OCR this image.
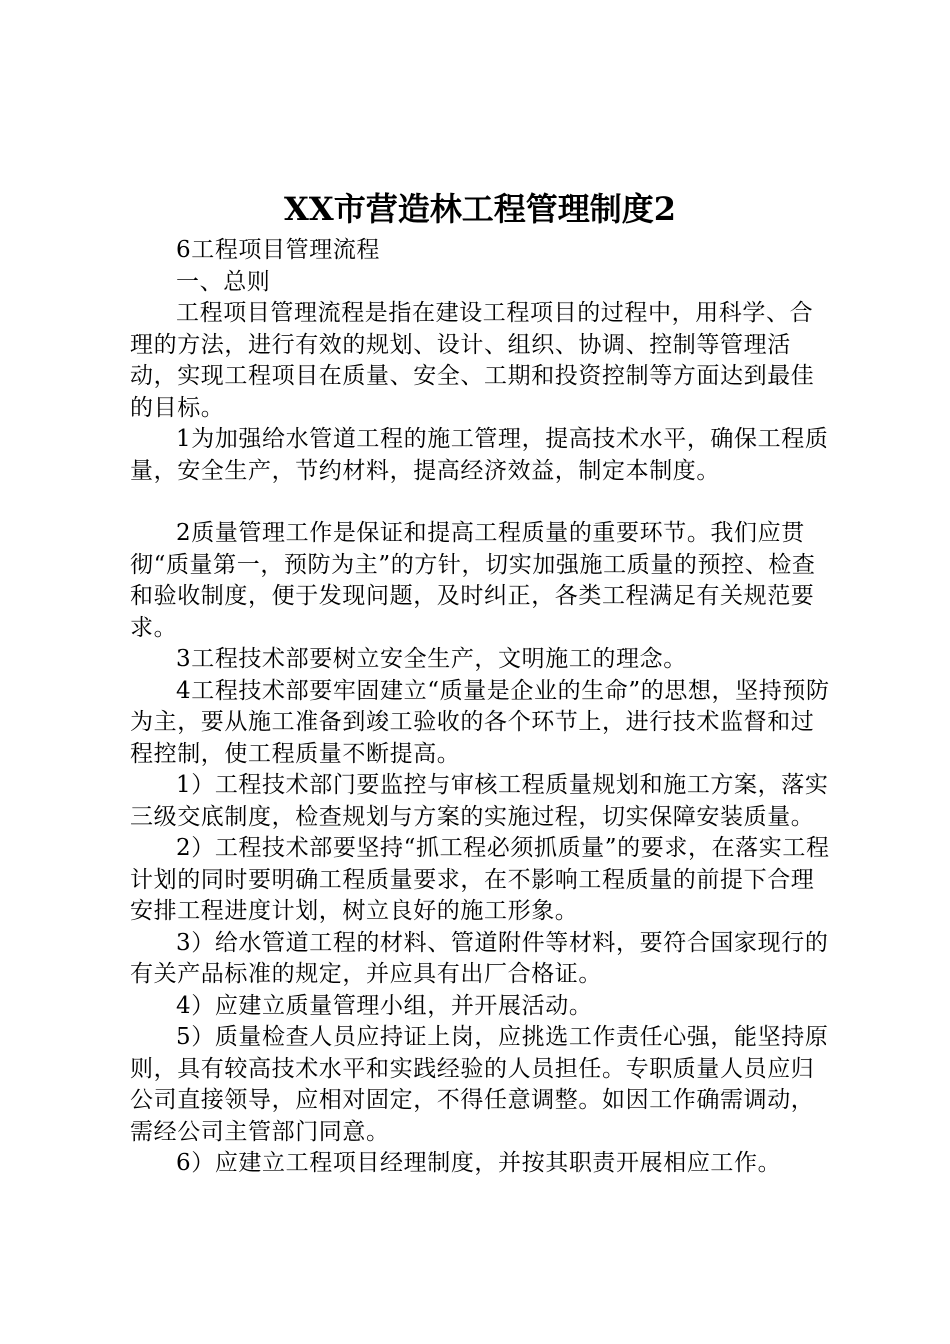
XX市营造林工程管理制度2

6工程项目管理流程

一、总则

工程项目管理流程是指在建设工程项目的过程中，用科学、合理的方法，进行有效的规划、设计、组织、协调、控制等管理活动，实现工程项目在质量、安全、工期和投资控制等方面达到最佳的目标。

1为加强给水管道工程的施工管理，提高技术水平，确保工程质量，安全生产，节约材料，提高经济效益，制定本制度。

2质量管理工作是保证和提高工程质量的重要环节。我们应贯彻“质量第一，预防为主”的方针，切实加强施工质量的预控、检查和验收制度，便于发现问题，及时纠正，各类工程满足有关规范要求。

3工程技术部要树立安全生产，文明施工的理念。

4工程技术部要牢固建立“质量是企业的生命”的思想，坚持预防为主，要从施工准备到竣工验收的各个环节上，进行技术监督和过程控制，使工程质量不断提高。

1）工程技术部门要监控与审核工程质量规划和施工方案，落实三级交底制度，检查规划与方案的实施过程，切实保障安装质量。

2）工程技术部要坚持“抓工程必须抓质量”的要求，在落实工程计划的同时要明确工程质量要求，在不影响工程质量的前提下合理安排工程进度计划，树立良好的施工形象。

3）给水管道工程的材料、管道附件等材料，要符合国家现行的有关产品标准的规定，并应具有出厂合格证。

4）应建立质量管理小组，并开展活动。

5）质量检查人员应持证上岗，应挑选工作责任心强，能坚持原则，具有较高技术水平和实践经验的人员担任。专职质量人员应归公司直接领导，应相对固定，不得任意调整。如因工作确需调动，需经公司主管部门同意。

6）应建立工程项目经理制度，并按其职责开展相应工作。
